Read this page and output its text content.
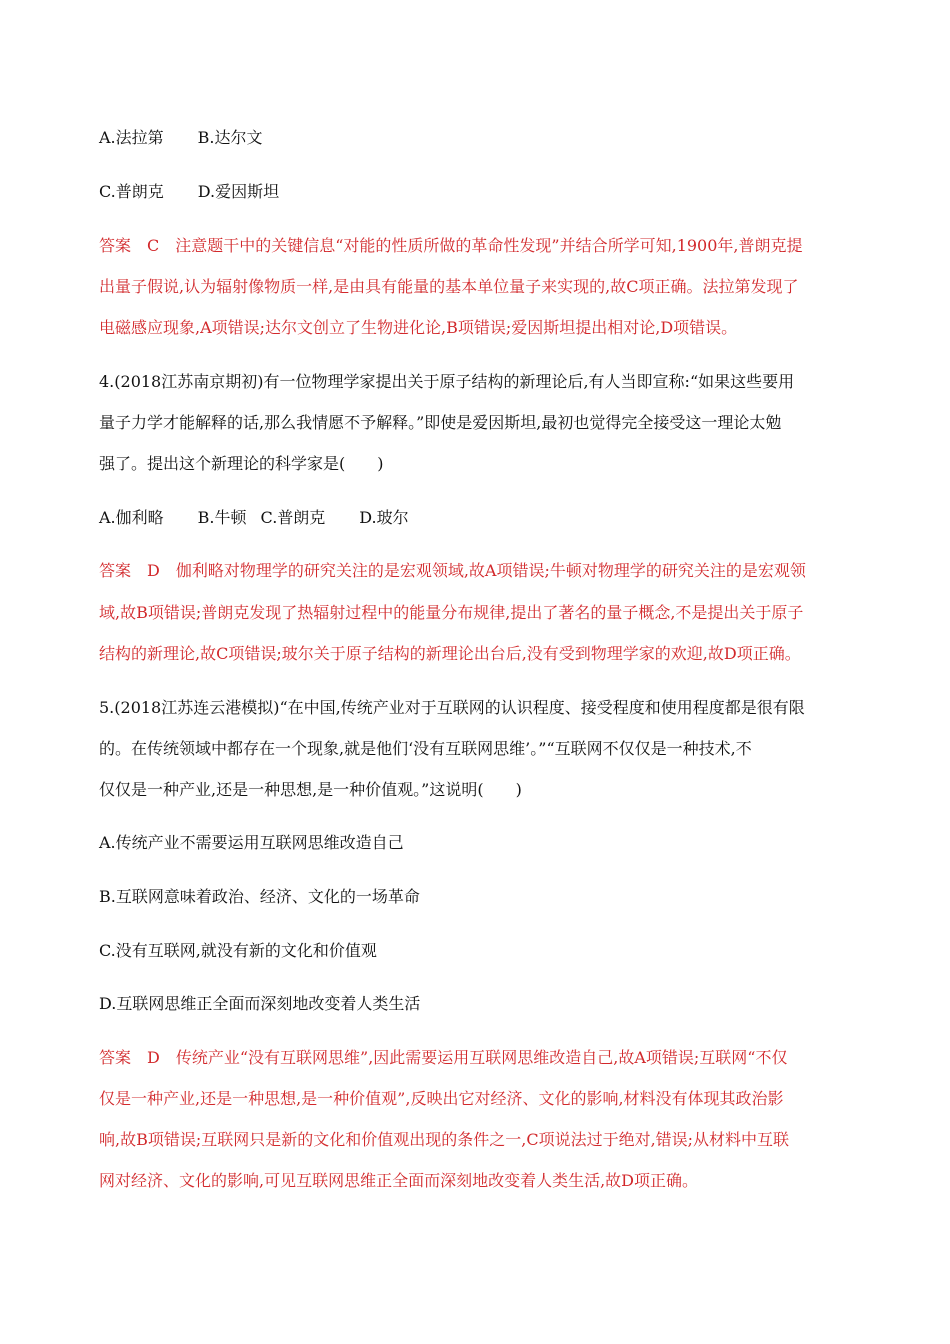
A.法拉第 B.达尔文
C.普朗克 D.爱因斯坦
答案　C　注意题干中的关键信息“对能的性质所做的革命性发现”并结合所学可知,1900年,普朗克提
出量子假说,认为辐射像物质一样,是由具有能量的基本单位量子来实现的,故C项正确。法拉第发现了
电磁感应现象,A项错误;达尔文创立了生物进化论,B项错误;爱因斯坦提出相对论,D项错误。
4.(2018江苏南京期初)有一位物理学家提出关于原子结构的新理论后,有人当即宣称:“如果这些要用
量子力学才能解释的话,那么我情愿不予解释。”即使是爱因斯坦,最初也觉得完全接受这一理论太勉
强了。提出这个新理论的科学家是(　　)
A.伽利略 B.牛顿 C.普朗克 D.玻尔
答案　D　伽利略对物理学的研究关注的是宏观领域,故A项错误;牛顿对物理学的研究关注的是宏观领
域,故B项错误;普朗克发现了热辐射过程中的能量分布规律,提出了著名的量子概念,不是提出关于原子
结构的新理论,故C项错误;玻尔关于原子结构的新理论出台后,没有受到物理学家的欢迎,故D项正确。
5.(2018江苏连云港模拟)“在中国,传统产业对于互联网的认识程度、接受程度和使用程度都是很有限
的。在传统领域中都存在一个现象,就是他们‘没有互联网思维’。”“互联网不仅仅是一种技术,不
仅仅是一种产业,还是一种思想,是一种价值观。”这说明(　　)
A.传统产业不需要运用互联网思维改造自己
B.互联网意味着政治、经济、文化的一场革命
C.没有互联网,就没有新的文化和价值观
D.互联网思维正全面而深刻地改变着人类生活
答案　D　传统产业“没有互联网思维”,因此需要运用互联网思维改造自己,故A项错误;互联网“不仅
仅是一种产业,还是一种思想,是一种价值观”,反映出它对经济、文化的影响,材料没有体现其政治影
响,故B项错误;互联网只是新的文化和价值观出现的条件之一,C项说法过于绝对,错误;从材料中互联
网对经济、文化的影响,可见互联网思维正全面而深刻地改变着人类生活,故D项正确。
